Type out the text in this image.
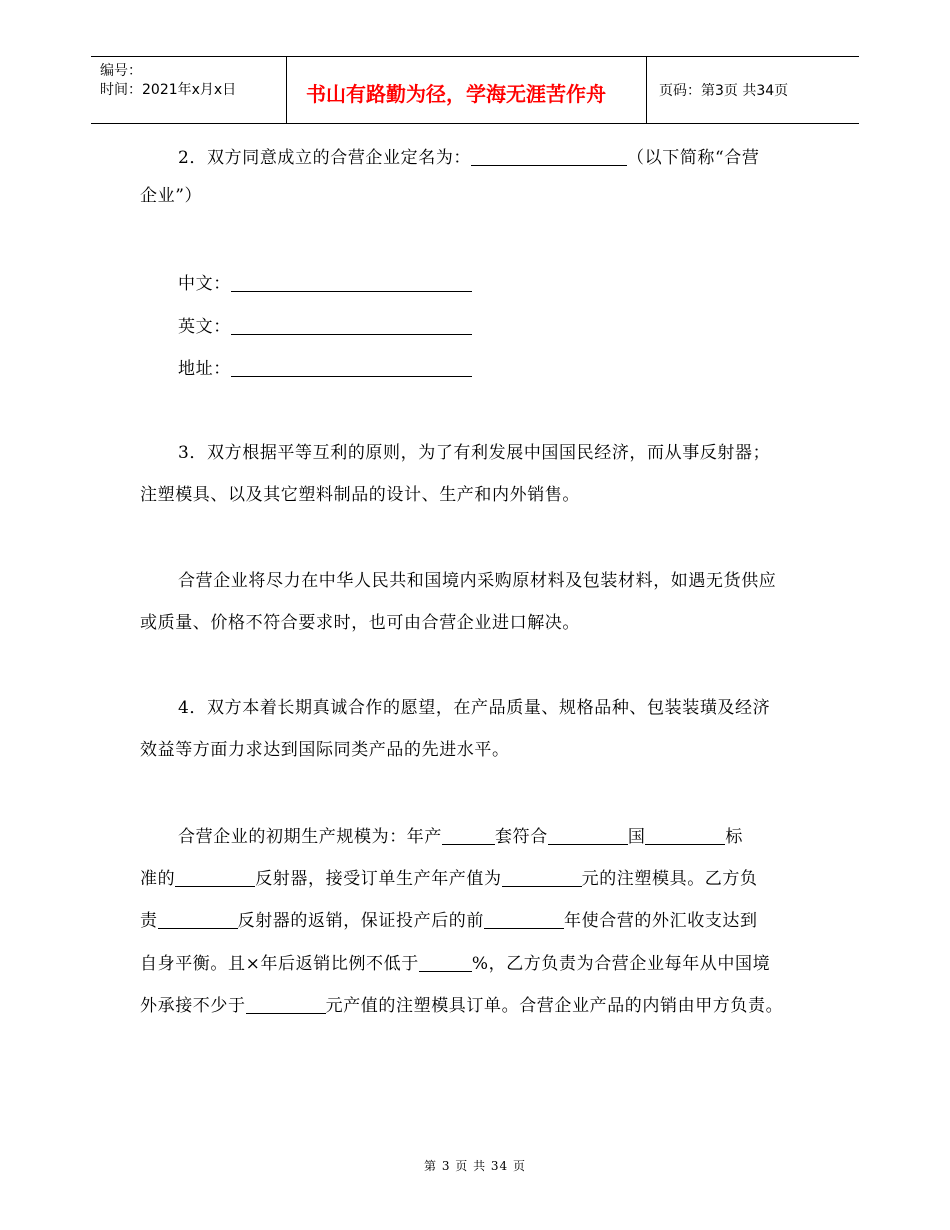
编号：
时间：2021年x月x日	书山有路勤为径，学海无涯苦作舟	页码：第3页 共34页
2．双方同意成立的合营企业定名为：	（以下简称“合营
企业”）
中文：
英文：
地址：
3．双方根据平等互利的原则，为了有利发展中国国民经济，而从事反射器；
注塑模具、以及其它塑料制品的设计、生产和内外销售。
合营企业将尽力在中华人民共和国境内采购原材料及包装材料，如遇无货供应
或质量、价格不符合要求时，也可由合营企业进口解决。
4．双方本着长期真诚合作的愿望，在产品质量、规格品种、包装装璜及经济
效益等方面力求达到国际同类产品的先进水平。
合营企业的初期生产规模为：年产	套符合	国	标
准的	反射器，接受订单生产年产值为	元的注塑模具。乙方负
责	反射器的返销，保证投产后的前	年使合营的外汇收支达到
自身平衡。且×年后返销比例不低于	%，乙方负责为合营企业每年从中国境
外承接不少于	元产值的注塑模具订单。合营企业产品的内销由甲方负责。
第 3 页 共 34 页
